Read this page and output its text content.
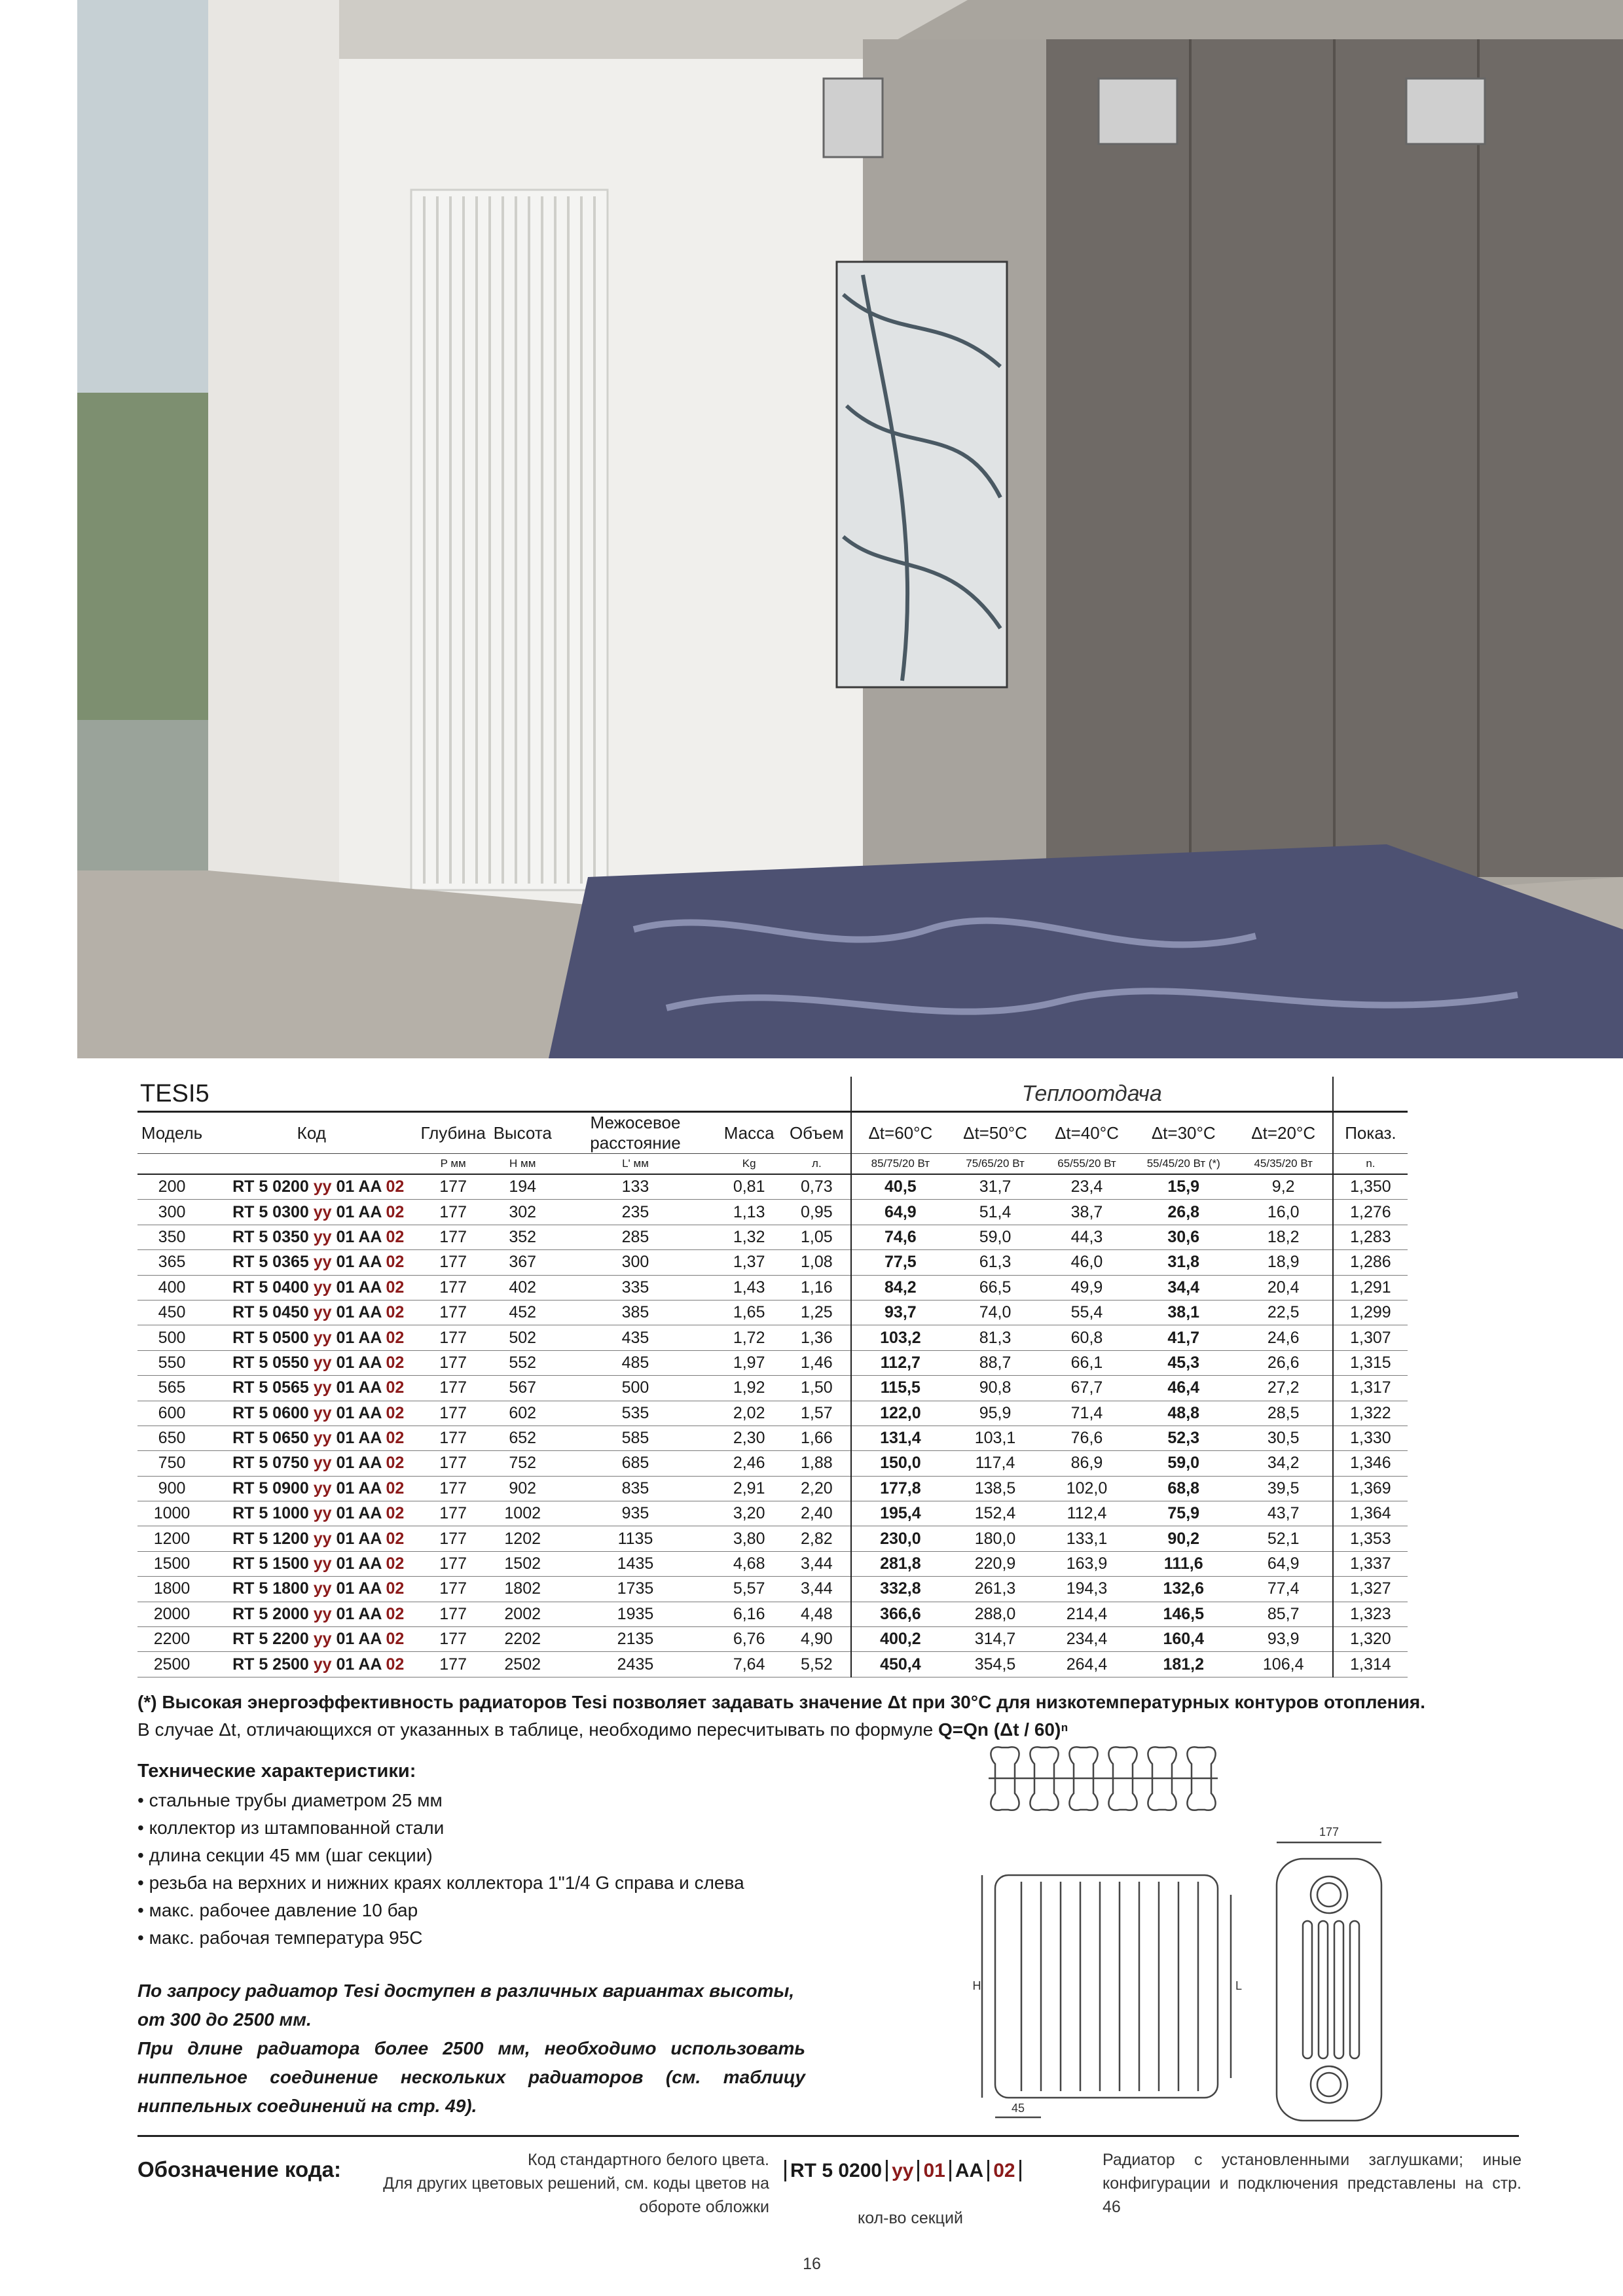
TESI5							Теплоотдача					
Модель	Код	Глубина	Высота	Межосевое расстояние	Масса	Объем	Δt=60°C	Δt=50°C	Δt=40°C	Δt=30°C	Δt=20°C	Показ.
		P мм	H мм	L' мм	Kg	л.	85/75/20 Вт	75/65/20 Вт	65/55/20 Вт	55/45/20 Вт (*)	45/35/20 Вт	n.
200	RT 5 0200 yy 01 AA 02	177	194	133	0,81	0,73	40,5	31,7	23,4	15,9	9,2	1,350
300	RT 5 0300 yy 01 AA 02	177	302	235	1,13	0,95	64,9	51,4	38,7	26,8	16,0	1,276
350	RT 5 0350 yy 01 AA 02	177	352	285	1,32	1,05	74,6	59,0	44,3	30,6	18,2	1,283
365	RT 5 0365 yy 01 AA 02	177	367	300	1,37	1,08	77,5	61,3	46,0	31,8	18,9	1,286
400	RT 5 0400 yy 01 AA 02	177	402	335	1,43	1,16	84,2	66,5	49,9	34,4	20,4	1,291
450	RT 5 0450 yy 01 AA 02	177	452	385	1,65	1,25	93,7	74,0	55,4	38,1	22,5	1,299
500	RT 5 0500 yy 01 AA 02	177	502	435	1,72	1,36	103,2	81,3	60,8	41,7	24,6	1,307
550	RT 5 0550 yy 01 AA 02	177	552	485	1,97	1,46	112,7	88,7	66,1	45,3	26,6	1,315
565	RT 5 0565 yy 01 AA 02	177	567	500	1,92	1,50	115,5	90,8	67,7	46,4	27,2	1,317
600	RT 5 0600 yy 01 AA 02	177	602	535	2,02	1,57	122,0	95,9	71,4	48,8	28,5	1,322
650	RT 5 0650 yy 01 AA 02	177	652	585	2,30	1,66	131,4	103,1	76,6	52,3	30,5	1,330
750	RT 5 0750 yy 01 AA 02	177	752	685	2,46	1,88	150,0	117,4	86,9	59,0	34,2	1,346
900	RT 5 0900 yy 01 AA 02	177	902	835	2,91	2,20	177,8	138,5	102,0	68,8	39,5	1,369
1000	RT 5 1000 yy 01 AA 02	177	1002	935	3,20	2,40	195,4	152,4	112,4	75,9	43,7	1,364
1200	RT 5 1200 yy 01 AA 02	177	1202	1135	3,80	2,82	230,0	180,0	133,1	90,2	52,1	1,353
1500	RT 5 1500 yy 01 AA 02	177	1502	1435	4,68	3,44	281,8	220,9	163,9	111,6	64,9	1,337
1800	RT 5 1800 yy 01 AA 02	177	1802	1735	5,57	3,44	332,8	261,3	194,3	132,6	77,4	1,327
2000	RT 5 2000 yy 01 AA 02	177	2002	1935	6,16	4,48	366,6	288,0	214,4	146,5	85,7	1,323
2200	RT 5 2200 yy 01 AA 02	177	2202	2135	6,76	4,90	400,2	314,7	234,4	160,4	93,9	1,320
2500	RT 5 2500 yy 01 AA 02	177	2502	2435	7,64	5,52	450,4	354,5	264,4	181,2	106,4	1,314
(*) Высокая энергоэффективность радиаторов Tesi позволяет задавать значение Δt при 30°C для низкотемпературных контуров отопления.
В случае Δt, отличающихся от указанных в таблице, необходимо пересчитывать по формуле Q=Qn (Δt / 60)ⁿ
Технические характеристики:
• стальные трубы диаметром 25 мм
• коллектор из штампованной стали
• длина секции 45 мм (шаг секции)
• резьба на верхних и нижних краях коллектора 1"1/4 G справа и слева
• макс. рабочее давление 10 бар
• макс. рабочая температура 95С
По запросу радиатор Tesi доступен в различных вариантах высоты, от 300 до 2500 мм.
При длине радиатора более 2500 мм, необходимо использовать ниппельное соединение нескольких радиаторов (см. таблицу ниппельных соединений на стр. 49).
177
H	L
45
Обозначение кода:	Код стандартного белого цвета.
Для других цветовых решений, см. коды цветов на
обороте обложки
RT 5 0200 yy 01 AA 02
кол-во секций
Радиатор с установленными заглушками; иные конфигурации и подключения представлены на стр. 46
16
